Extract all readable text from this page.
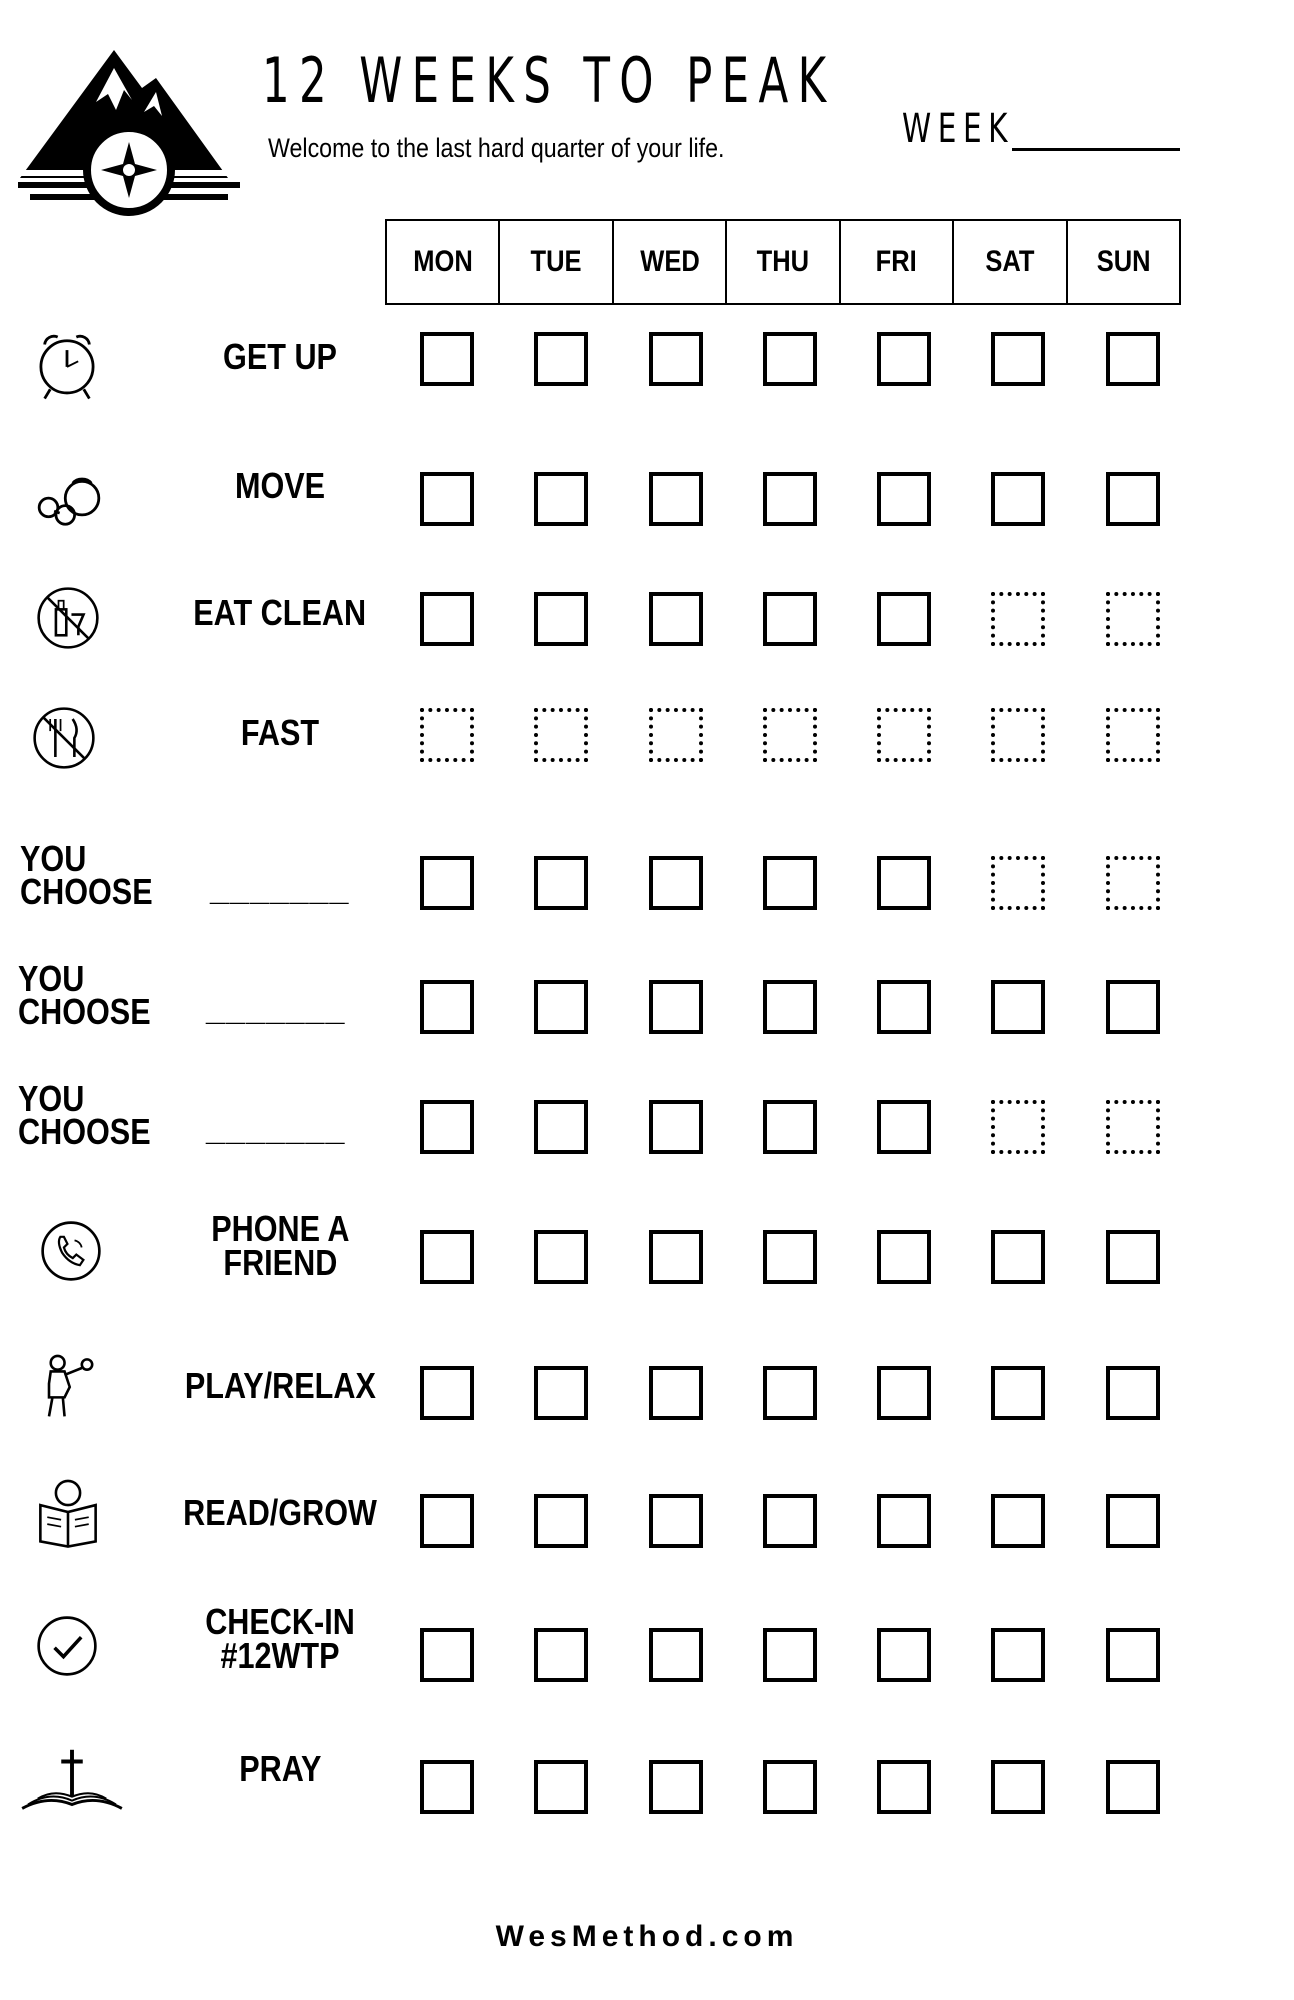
12 WEEKS TO PEAK
Welcome to the last hard quarter of your life.	WEEK
MON TUE WED THU FRI SAT SUN
GET UP
MOVE
EAT CLEAN
FAST
YOU
CHOOSE	_______
YOU
CHOOSE	_______
YOU
CHOOSE	_______
PHONE A
FRIEND
PLAY/RELAX
READ/GROW
CHECK-IN
#12WTP
PRAY
WesMethod.com
